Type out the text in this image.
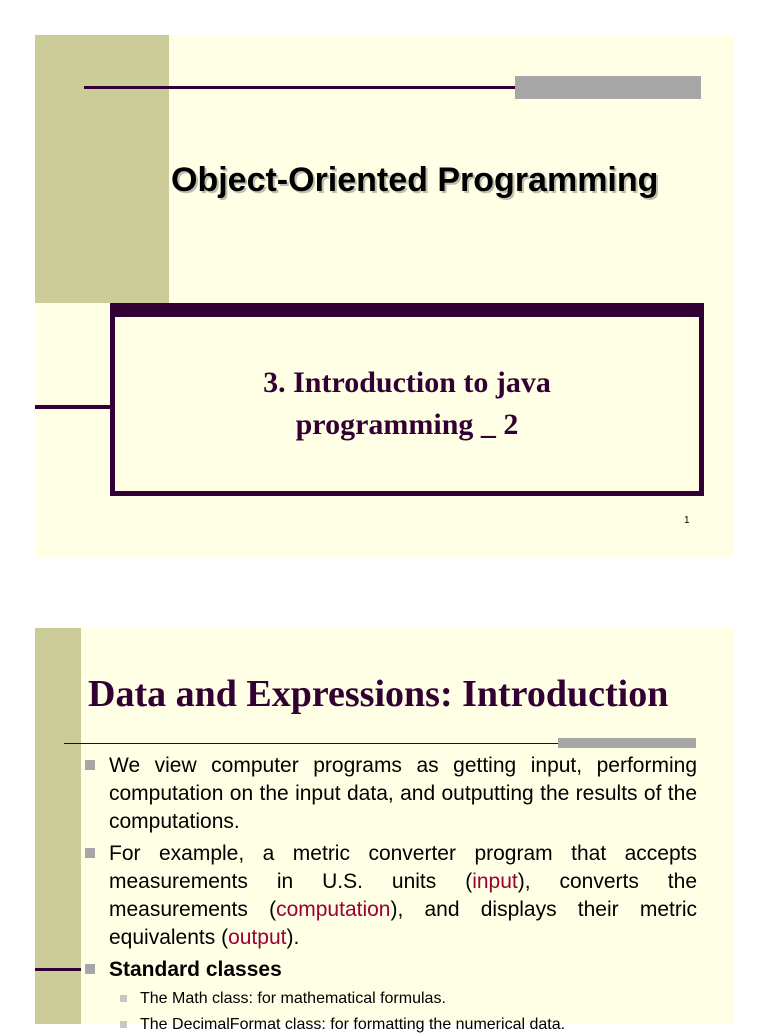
Object-Oriented Programming

3. Introduction to java programming _ 2

1
Data and Expressions: Introduction

We view computer programs as getting input, performing computation on the input data, and outputting the results of the computations.

For example, a metric converter program that accepts measurements in U.S. units (input), converts the measurements (computation), and displays their metric equivalents (output).

Standard classes

The Math class: for mathematical formulas.

The DecimalFormat class: for formatting the numerical data.
